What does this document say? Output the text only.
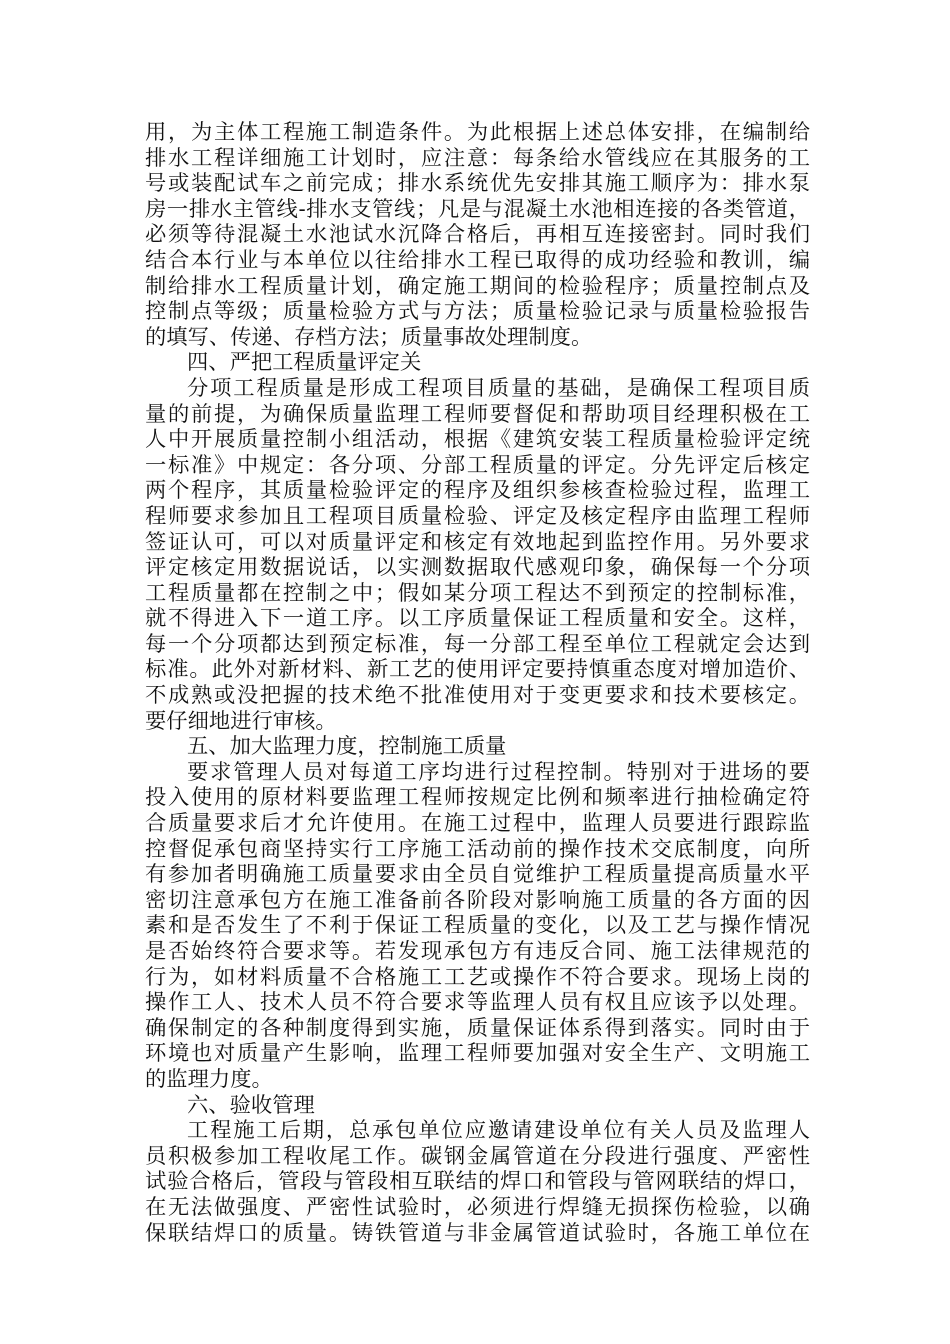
用，为主体工程施工制造条件。为此根据上述总体安排，在编制给
排水工程详细施工计划时，应注意：每条给水管线应在其服务的工
号或装配试车之前完成；排水系统优先安排其施工顺序为：排水泵
房一排水主管线-排水支管线；凡是与混凝土水池相连接的各类管道，
必须等待混凝土水池试水沉降合格后，再相互连接密封。同时我们
结合本行业与本单位以往给排水工程已取得的成功经验和教训，编
制给排水工程质量计划，确定施工期间的检验程序；质量控制点及
控制点等级；质量检验方式与方法；质量检验记录与质量检验报告
的填写、传递、存档方法；质量事故处理制度。
四、严把工程质量评定关
分项工程质量是形成工程项目质量的基础，是确保工程项目质
量的前提，为确保质量监理工程师要督促和帮助项目经理积极在工
人中开展质量控制小组活动，根据《建筑安装工程质量检验评定统
一标准》中规定：各分项、分部工程质量的评定。分先评定后核定
两个程序，其质量检验评定的程序及组织参核查检验过程，监理工
程师要求参加且工程项目质量检验、评定及核定程序由监理工程师
签证认可，可以对质量评定和核定有效地起到监控作用。另外要求
评定核定用数据说话，以实测数据取代感观印象，确保每一个分项
工程质量都在控制之中；假如某分项工程达不到预定的控制标准，
就不得进入下一道工序。以工序质量保证工程质量和安全。这样，
每一个分项都达到预定标准，每一分部工程至单位工程就定会达到
标准。此外对新材料、新工艺的使用评定要持慎重态度对增加造价、
不成熟或没把握的技术绝不批准使用对于变更要求和技术要核定。
要仔细地进行审核。
五、加大监理力度，控制施工质量
要求管理人员对每道工序均进行过程控制。特别对于进场的要
投入使用的原材料要监理工程师按规定比例和频率进行抽检确定符
合质量要求后才允许使用。在施工过程中，监理人员要进行跟踪监
控督促承包商坚持实行工序施工活动前的操作技术交底制度，向所
有参加者明确施工质量要求由全员自觉维护工程质量提高质量水平
密切注意承包方在施工准备前各阶段对影响施工质量的各方面的因
素和是否发生了不利于保证工程质量的变化，以及工艺与操作情况
是否始终符合要求等。若发现承包方有违反合同、施工法律规范的
行为，如材料质量不合格施工工艺或操作不符合要求。现场上岗的
操作工人、技术人员不符合要求等监理人员有权且应该予以处理。
确保制定的各种制度得到实施，质量保证体系得到落实。同时由于
环境也对质量产生影响，监理工程师要加强对安全生产、文明施工
的监理力度。
六、验收管理
工程施工后期，总承包单位应邀请建设单位有关人员及监理人
员积极参加工程收尾工作。碳钢金属管道在分段进行强度、严密性
试验合格后，管段与管段相互联结的焊口和管段与管网联结的焊口，
在无法做强度、严密性试验时，必须进行焊缝无损探伤检验，以确
保联结焊口的质量。铸铁管道与非金属管道试验时，各施工单位在
